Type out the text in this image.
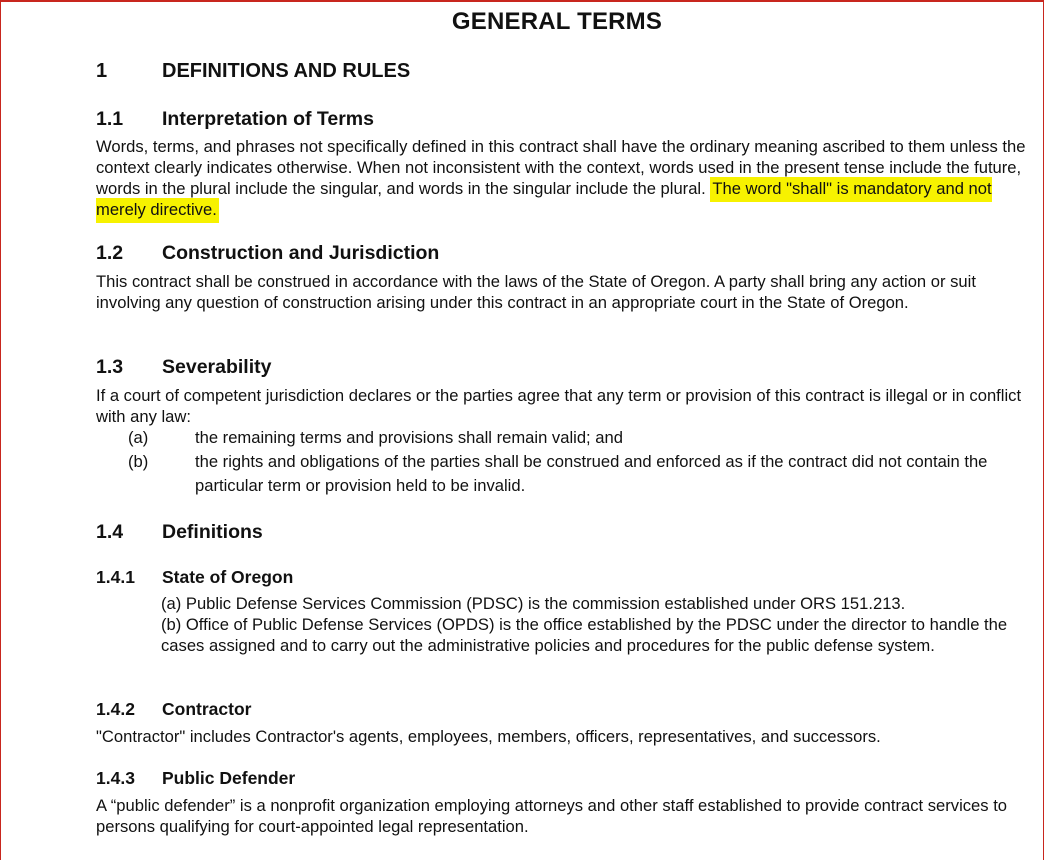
GENERAL TERMS
1	DEFINITIONS AND RULES
1.1 Interpretation of Terms
Words, terms, and phrases not specifically defined in this contract shall have the ordinary meaning ascribed to them unless the context clearly indicates otherwise. When not inconsistent with the context, words used in the present tense include the future, words in the plural include the singular, and words in the singular include the plural. The word "shall" is mandatory and not merely directive.
1.2 Construction and Jurisdiction
This contract shall be construed in accordance with the laws of the State of Oregon. A party shall bring any action or suit involving any question of construction arising under this contract in an appropriate court in the State of Oregon.
1.3 Severability
If a court of competent jurisdiction declares or the parties agree that any term or provision of this contract is illegal or in conflict with any law:
(a)	the remaining terms and provisions shall remain valid; and
(b)	the rights and obligations of the parties shall be construed and enforced as if the contract did not contain the particular term or provision held to be invalid.
1.4 Definitions
1.4.1 State of Oregon
(a) Public Defense Services Commission (PDSC) is the commission established under ORS 151.213.
(b) Office of Public Defense Services (OPDS) is the office established by the PDSC under the director to handle the cases assigned and to carry out the administrative policies and procedures for the public defense system.
1.4.2 Contractor
"Contractor" includes Contractor's agents, employees, members, officers, representatives, and successors.
1.4.3 Public Defender
A “public defender” is a nonprofit organization employing attorneys and other staff established to provide contract services to persons qualifying for court-appointed legal representation.
